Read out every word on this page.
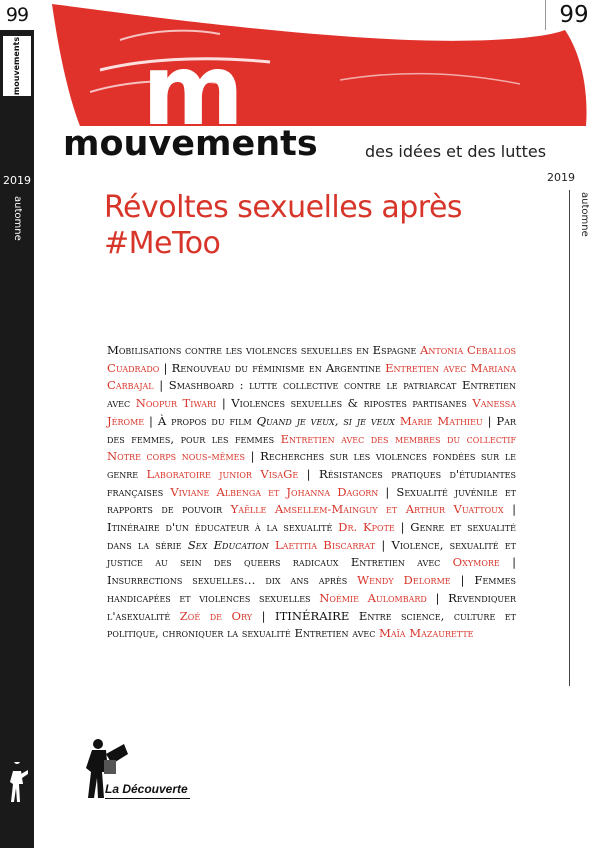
99
mouvements
2019
automne
m
99
mouvements	des idées et des luttes
2019
automne
Révoltes sexuelles après
#MeToo
Mobilisations contre les violences sexuelles en Espagne Antonia Ceballos Cuadrado | Renouveau du féminisme en Argentine Entretien avec Mariana Carbajal | Smashboard : lutte collective contre le patriarcat Entretien avec Noopur Tiwari | Violences sexuelles & ripostes partisanes Vanessa Jérome | À propos du film Quand je veux, si je veux Marie Mathieu | Par des femmes, pour les femmes Entretien avec des membres du collectif Notre corps nous-mêmes | Recherches sur les violences fondées sur le genre Laboratoire junior VisaGe | Résistances pratiques d'étudiantes françaises Viviane Albenga et Johanna Dagorn | Sexualité juvénile et rapports de pouvoir Yaëlle Amsellem-Mainguy et Arthur Vuattoux | Itinéraire d'un éducateur à la sexualité Dr. Kpote | Genre et sexualité dans la série Sex Education Laetitia Biscarrat | Violence, sexualité et justice au sein des queers radicaux Entretien avec Oxymore | Insurrections sexuelles… dix ans après Wendy Delorme | Femmes handicapées et violences sexuelles Noémie Aulombard | Revendiquer l'asexualité Zoé de Ory | ITINÉRAIRE Entre science, culture et politique, chroniquer la sexualité Entretien avec Maïa Mazaurette
La Découverte
